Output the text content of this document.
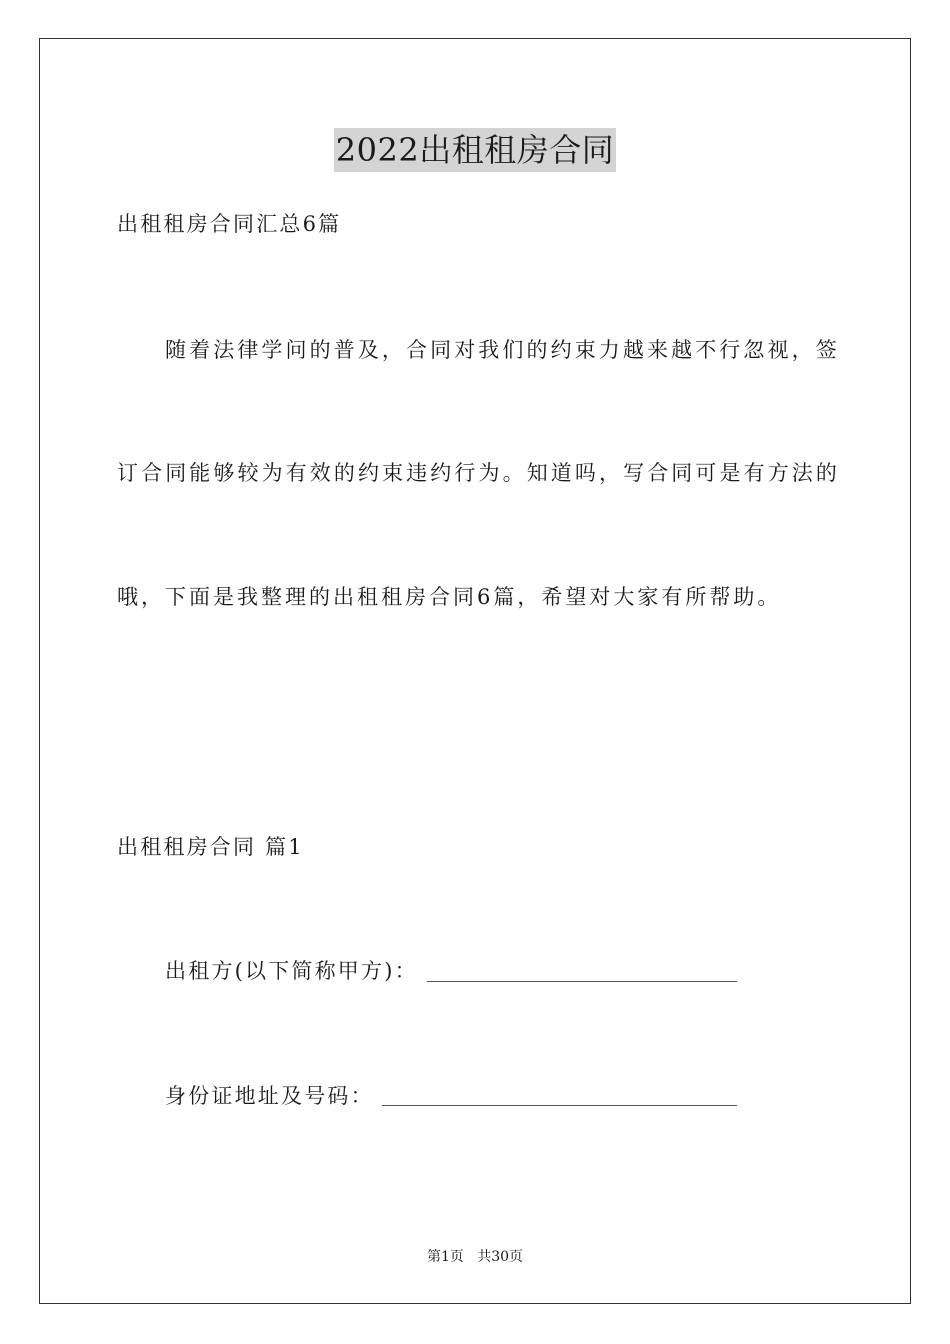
2022出租租房合同
出租租房合同汇总6篇
随着法律学问的普及，合同对我们的约束力越来越不行忽视，签
订合同能够较为有效的约束违约行为。知道吗，写合同可是有方法的
哦，下面是我整理的出租租房合同6篇，希望对大家有所帮助。
出租租房合同 篇1
出租方(以下简称甲方)：
身份证地址及号码：
第1页   共30页
